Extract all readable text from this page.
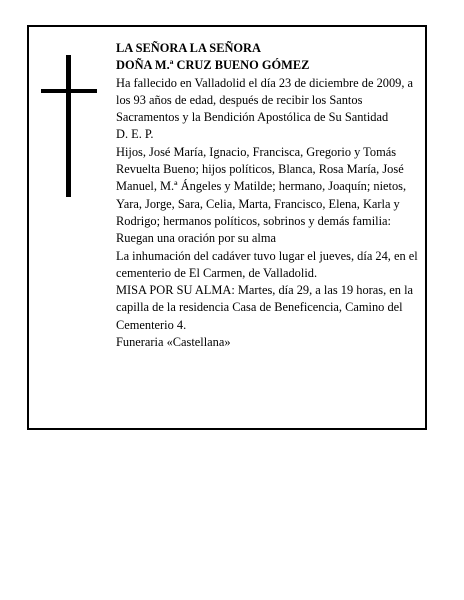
LA SEÑORA LA SEÑORA

DOÑA M.ª CRUZ BUENO GÓMEZ

Ha fallecido en Valladolid el día 23 de diciembre de 2009, a los 93 años de edad, después de recibir los Santos Sacramentos y la Bendición Apostólica de Su Santidad

D. E. P.

Hijos, José María, Ignacio, Francisca, Gregorio y Tomás Revuelta Bueno; hijos políticos, Blanca, Rosa María, José Manuel, M.ª Ángeles y Matilde; hermano, Joaquín; nietos, Yara, Jorge, Sara, Celia, Marta, Francisco, Elena, Karla y Rodrigo; hermanos políticos, sobrinos y demás familia:

Ruegan una oración por su alma

La inhumación del cadáver tuvo lugar el jueves, día 24, en el cementerio de El Carmen, de Valladolid.

MISA POR SU ALMA: Martes, día 29, a las 19 horas, en la capilla de la residencia Casa de Beneficencia, Camino del Cementerio 4.

Funeraria «Castellana»
